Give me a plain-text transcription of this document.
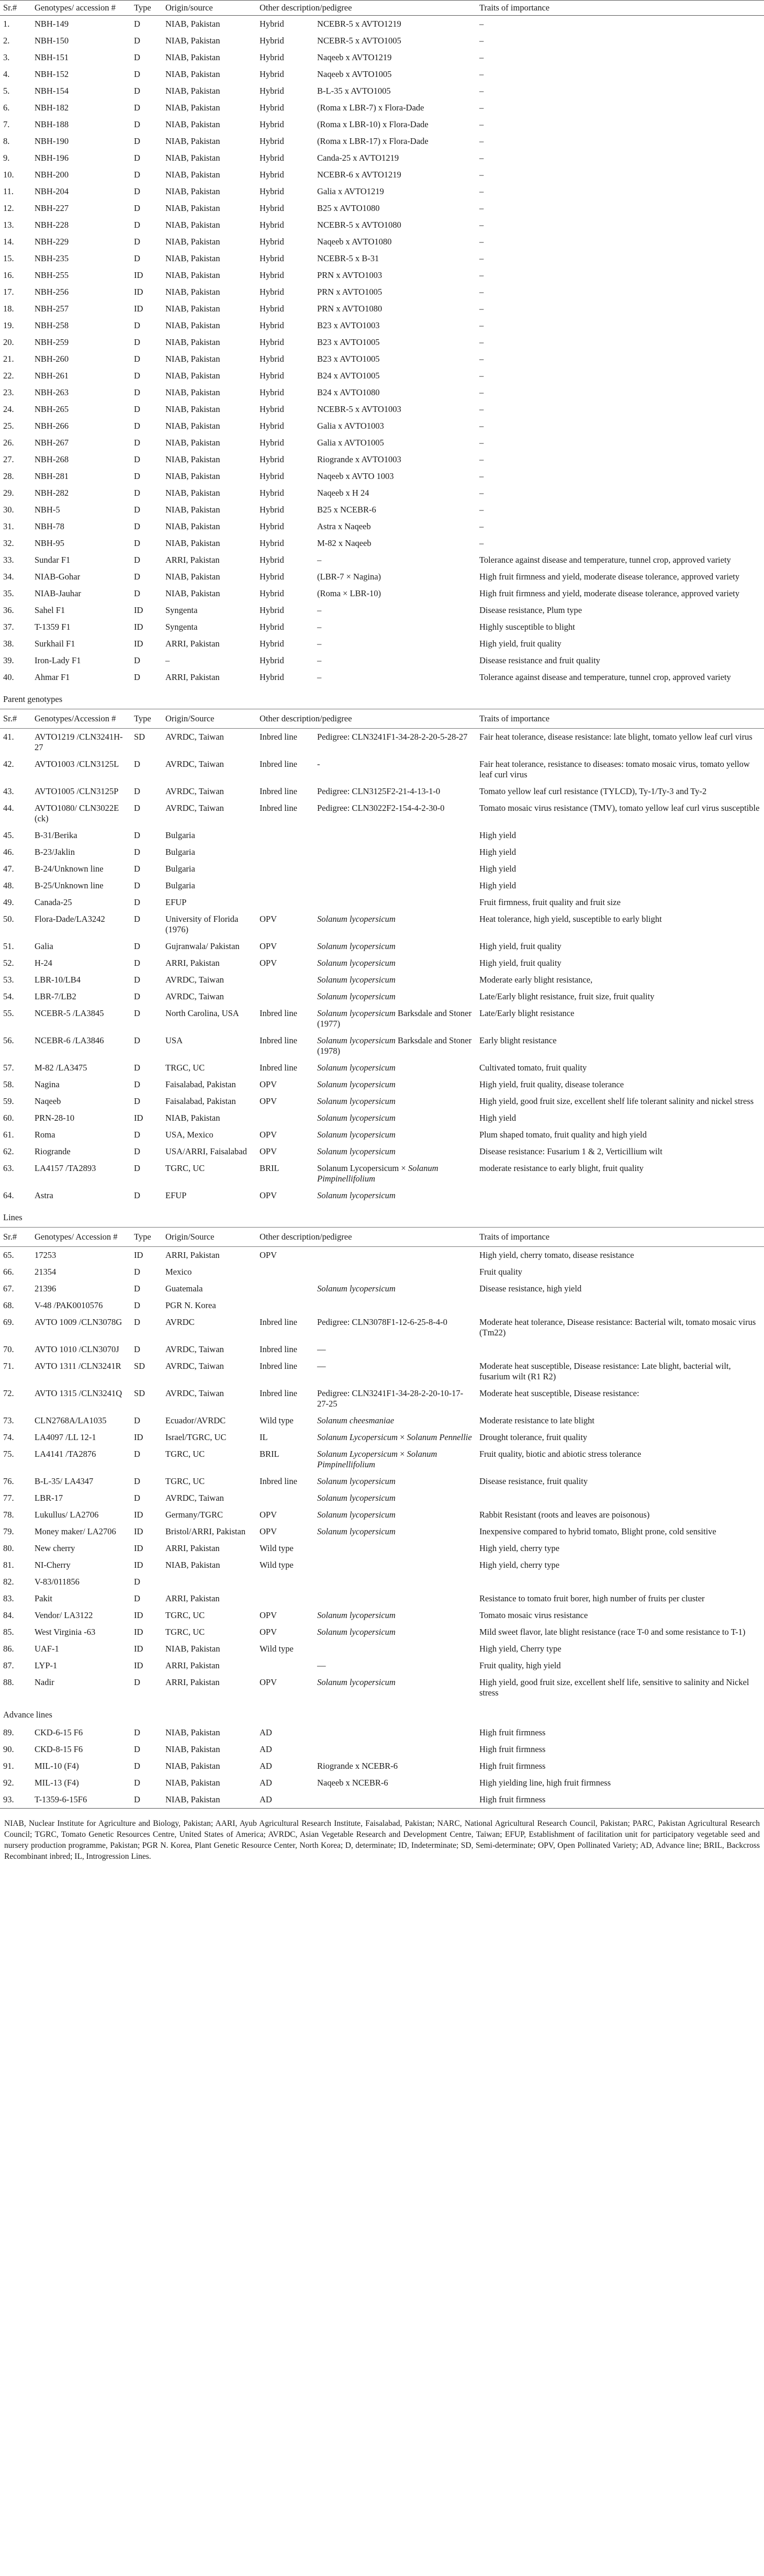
Sr.#	Genotypes/ accession #	Type	Origin/source	Other description/pedigree		Traits of importance
1.	NBH-149	D	NIAB, Pakistan	Hybrid	NCEBR-5 x AVTO1219	–
2.	NBH-150	D	NIAB, Pakistan	Hybrid	NCEBR-5 x AVTO1005	–
3.	NBH-151	D	NIAB, Pakistan	Hybrid	Naqeeb x AVTO1219	–
4.	NBH-152	D	NIAB, Pakistan	Hybrid	Naqeeb x AVTO1005	–
5.	NBH-154	D	NIAB, Pakistan	Hybrid	B-L-35 x AVTO1005	–
6.	NBH-182	D	NIAB, Pakistan	Hybrid	(Roma x LBR-7) x Flora-Dade	–
7.	NBH-188	D	NIAB, Pakistan	Hybrid	(Roma x LBR-10) x Flora-Dade	–
8.	NBH-190	D	NIAB, Pakistan	Hybrid	(Roma x LBR-17) x Flora-Dade	–
9.	NBH-196	D	NIAB, Pakistan	Hybrid	Canda-25 x AVTO1219	–
10.	NBH-200	D	NIAB, Pakistan	Hybrid	NCEBR-6 x AVTO1219	–
11.	NBH-204	D	NIAB, Pakistan	Hybrid	Galia x AVTO1219	–
12.	NBH-227	D	NIAB, Pakistan	Hybrid	B25 x AVTO1080	–
13.	NBH-228	D	NIAB, Pakistan	Hybrid	NCEBR-5 x AVTO1080	–
14.	NBH-229	D	NIAB, Pakistan	Hybrid	Naqeeb x AVTO1080	–
15.	NBH-235	D	NIAB, Pakistan	Hybrid	NCEBR-5 x B-31	–
16.	NBH-255	ID	NIAB, Pakistan	Hybrid	PRN x AVTO1003	–
17.	NBH-256	ID	NIAB, Pakistan	Hybrid	PRN x AVTO1005	–
18.	NBH-257	ID	NIAB, Pakistan	Hybrid	PRN x AVTO1080	–
19.	NBH-258	D	NIAB, Pakistan	Hybrid	B23 x AVTO1003	–
20.	NBH-259	D	NIAB, Pakistan	Hybrid	B23 x AVTO1005	–
21.	NBH-260	D	NIAB, Pakistan	Hybrid	B23 x AVTO1005	–
22.	NBH-261	D	NIAB, Pakistan	Hybrid	B24 x AVTO1005	–
23.	NBH-263	D	NIAB, Pakistan	Hybrid	B24 x AVTO1080	–
24.	NBH-265	D	NIAB, Pakistan	Hybrid	NCEBR-5 x AVTO1003	–
25.	NBH-266	D	NIAB, Pakistan	Hybrid	Galia x AVTO1003	–
26.	NBH-267	D	NIAB, Pakistan	Hybrid	Galia x AVTO1005	–
27.	NBH-268	D	NIAB, Pakistan	Hybrid	Riogrande x AVTO1003	–
28.	NBH-281	D	NIAB, Pakistan	Hybrid	Naqeeb x AVTO 1003	–
29.	NBH-282	D	NIAB, Pakistan	Hybrid	Naqeeb x H 24	–
30.	NBH-5	D	NIAB, Pakistan	Hybrid	B25 x NCEBR-6	–
31.	NBH-78	D	NIAB, Pakistan	Hybrid	Astra x Naqeeb	–
32.	NBH-95	D	NIAB, Pakistan	Hybrid	M-82 x Naqeeb	–
33.	Sundar F1	D	ARRI, Pakistan	Hybrid	–	Tolerance against disease and temperature, tunnel crop, approved variety
34.	NIAB-Gohar	D	NIAB, Pakistan	Hybrid	(LBR-7 × Nagina)	High fruit firmness and yield, moderate disease tolerance, approved variety
35.	NIAB-Jauhar	D	NIAB, Pakistan	Hybrid	(Roma × LBR-10)	High fruit firmness and yield, moderate disease tolerance, approved variety
36.	Sahel F1	ID	Syngenta	Hybrid	–	Disease resistance, Plum type
37.	T-1359 F1	ID	Syngenta	Hybrid	–	Highly susceptible to blight
38.	Surkhail F1	ID	ARRI, Pakistan	Hybrid	–	High yield, fruit quality
39.	Iron-Lady F1	D	–	Hybrid	–	Disease resistance and fruit quality
40.	Ahmar F1	D	ARRI, Pakistan	Hybrid	–	Tolerance against disease and temperature, tunnel crop, approved variety
Parent genotypes						
Sr.#	Genotypes/Accession #	Type	Origin/Source	Other description/pedigree		Traits of importance
41.	AVTO1219 /CLN3241H-27	SD	AVRDC, Taiwan	Inbred line	Pedigree: CLN3241F1-34-28-2-20-5-28-27	Fair heat tolerance, disease resistance: late blight, tomato yellow leaf curl virus
42.	AVTO1003 /CLN3125L	D	AVRDC, Taiwan	Inbred line	-	Fair heat tolerance, resistance to diseases: tomato mosaic virus, tomato yellow leaf curl virus
43.	AVTO1005 /CLN3125P	D	AVRDC, Taiwan	Inbred line	Pedigree: CLN3125F2-21-4-13-1-0	Tomato yellow leaf curl resistance (TYLCD), Ty-1/Ty-3 and Ty-2
44.	AVTO1080/ CLN3022E (ck)	D	AVRDC, Taiwan	Inbred line	Pedigree: CLN3022F2-154-4-2-30-0	Tomato mosaic virus resistance (TMV), tomato yellow leaf curl virus susceptible
45.	B-31/Berika	D	Bulgaria			High yield
46.	B-23/Jaklin	D	Bulgaria			High yield
47.	B-24/Unknown line	D	Bulgaria			High yield
48.	B-25/Unknown line	D	Bulgaria			High yield
49.	Canada-25	D	EFUP			Fruit firmness, fruit quality and fruit size
50.	Flora-Dade/LA3242	D	University of Florida (1976)	OPV	Solanum lycopersicum	Heat tolerance, high yield, susceptible to early blight
51.	Galia	D	Gujranwala/ Pakistan	OPV	Solanum lycopersicum	High yield, fruit quality
52.	H-24	D	ARRI, Pakistan	OPV	Solanum lycopersicum	High yield, fruit quality
53.	LBR-10/LB4	D	AVRDC, Taiwan		Solanum lycopersicum	Moderate early blight resistance,
54.	LBR-7/LB2	D	AVRDC, Taiwan		Solanum lycopersicum	Late/Early blight resistance, fruit size, fruit quality
55.	NCEBR-5 /LA3845	D	North Carolina, USA	Inbred line	Solanum lycopersicum Barksdale and Stoner (1977)	Late/Early blight resistance
56.	NCEBR-6 /LA3846	D	USA	Inbred line	Solanum lycopersicum Barksdale and Stoner (1978)	Early blight resistance
57.	M-82 /LA3475	D	TRGC, UC	Inbred line	Solanum lycopersicum	Cultivated tomato, fruit quality
58.	Nagina	D	Faisalabad, Pakistan	OPV	Solanum lycopersicum	High yield, fruit quality, disease tolerance
59.	Naqeeb	D	Faisalabad, Pakistan	OPV	Solanum lycopersicum	High yield, good fruit size, excellent shelf life tolerant salinity and nickel stress
60.	PRN-28-10	ID	NIAB, Pakistan		Solanum lycopersicum	High yield
61.	Roma	D	USA, Mexico	OPV	Solanum lycopersicum	Plum shaped tomato, fruit quality and high yield
62.	Riogrande	D	USA/ARRI, Faisalabad	OPV	Solanum lycopersicum	Disease resistance: Fusarium 1 & 2, Verticillium wilt
63.	LA4157 /TA2893	D	TGRC, UC	BRIL	Solanum Lycopersicum × Solanum Pimpinellifolium	moderate resistance to early blight, fruit quality
64.	Astra	D	EFUP	OPV	Solanum lycopersicum	
Lines						
Sr.#	Genotypes/ Accession #	Type	Origin/Source	Other description/pedigree		Traits of importance
65.	17253	ID	ARRI, Pakistan	OPV		High yield, cherry tomato, disease resistance
66.	21354	D	Mexico			Fruit quality
67.	21396	D	Guatemala		Solanum lycopersicum	Disease resistance, high yield
68.	V-48 /PAK0010576	D	PGR N. Korea			
69.	AVTO 1009 /CLN3078G	D	AVRDC	Inbred line	Pedigree: CLN3078F1-12-6-25-8-4-0	Moderate heat tolerance, Disease resistance: Bacterial wilt, tomato mosaic virus (Tm22)
70.	AVTO 1010 /CLN3070J	D	AVRDC, Taiwan	Inbred line	—	
71.	AVTO 1311 /CLN3241R	SD	AVRDC, Taiwan	Inbred line	—	Moderate heat susceptible, Disease resistance: Late blight, bacterial wilt, fusarium wilt (R1 R2)
72.	AVTO 1315 /CLN3241Q	SD	AVRDC, Taiwan	Inbred line	Pedigree: CLN3241F1-34-28-2-20-10-17-27-25	Moderate heat susceptible, Disease resistance:
73.	CLN2768A/LA1035	D	Ecuador/AVRDC	Wild type	Solanum cheesmaniae	Moderate resistance to late blight
74.	LA4097 /LL 12-1	ID	Israel/TGRC, UC	IL	Solanum Lycopersicum × Solanum Pennellie	Drought tolerance, fruit quality
75.	LA4141 /TA2876	D	TGRC, UC	BRIL	Solanum Lycopersicum × Solanum Pimpinellifolium	Fruit quality, biotic and abiotic stress tolerance
76.	B-L-35/ LA4347	D	TGRC, UC	Inbred line	Solanum lycopersicum	Disease resistance, fruit quality
77.	LBR-17	D	AVRDC, Taiwan		Solanum lycopersicum	
78.	Lukullus/ LA2706	ID	Germany/TGRC	OPV	Solanum lycopersicum	Rabbit Resistant (roots and leaves are poisonous)
79.	Money maker/ LA2706	ID	Bristol/ARRI, Pakistan	OPV	Solanum lycopersicum	Inexpensive compared to hybrid tomato, Blight prone, cold sensitive
80.	New cherry	ID	ARRI, Pakistan	Wild type		High yield, cherry type
81.	NI-Cherry	ID	NIAB, Pakistan	Wild type		High yield, cherry type
82.	V-83/011856	D				
83.	Pakit	D	ARRI, Pakistan			Resistance to tomato fruit borer, high number of fruits per cluster
84.	Vendor/ LA3122	ID	TGRC, UC	OPV	Solanum lycopersicum	Tomato mosaic virus resistance
85.	West Virginia -63	ID	TGRC, UC	OPV	Solanum lycopersicum	Mild sweet flavor, late blight resistance (race T-0 and some resistance to T-1)
86.	UAF-1	ID	NIAB, Pakistan	Wild type		High yield, Cherry type
87.	LYP-1	ID	ARRI, Pakistan		—	Fruit quality, high yield
88.	Nadir	D	ARRI, Pakistan	OPV	Solanum lycopersicum	High yield, good fruit size, excellent shelf life, sensitive to salinity and Nickel stress
Advance lines						
89.	CKD-6-15 F6	D	NIAB, Pakistan	AD		High fruit firmness
90.	CKD-8-15 F6	D	NIAB, Pakistan	AD		High fruit firmness
91.	MIL-10 (F4)	D	NIAB, Pakistan	AD	Riogrande x NCEBR-6	High fruit firmness
92.	MIL-13 (F4)	D	NIAB, Pakistan	AD	Naqeeb x NCEBR-6	High yielding line, high fruit firmness
93.	T-1359-6-15F6	D	NIAB, Pakistan	AD		High fruit firmness
NIAB, Nuclear Institute for Agriculture and Biology, Pakistan; AARI, Ayub Agricultural Research Institute, Faisalabad, Pakistan; NARC, National Agricultural Research Council, Pakistan; PARC, Pakistan Agricultural Research Council; TGRC, Tomato Genetic Resources Centre, United States of America; AVRDC, Asian Vegetable Research and Development Centre, Taiwan; EFUP, Establishment of facilitation unit for participatory vegetable seed and nursery production programme, Pakistan; PGR N. Korea, Plant Genetic Resource Center, North Korea; D, determinate; ID, Indeterminate; SD, Semi-determinate; OPV, Open Pollinated Variety; AD, Advance line; BRIL, Backcross Recombinant inbred; IL, Introgression Lines.
